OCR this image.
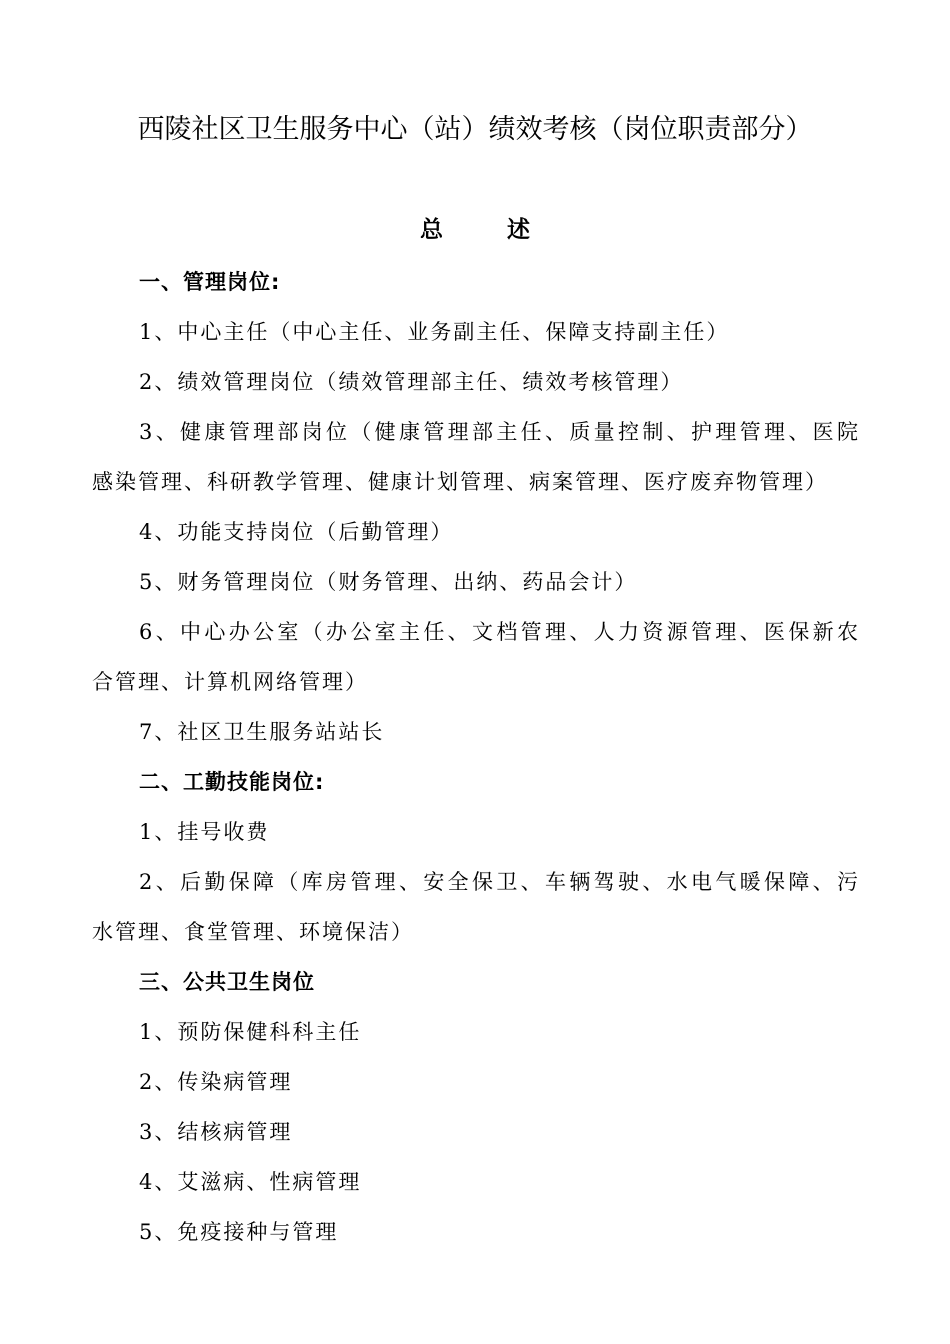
西陵社区卫生服务中心（站）绩效考核（岗位职责部分）
总        述
一、管理岗位:
1、中心主任（中心主任、业务副主任、保障支持副主任）
2、绩效管理岗位（绩效管理部主任、绩效考核管理）
3、健康管理部岗位（健康管理部主任、质量控制、护理管理、医院
感染管理、科研教学管理、健康计划管理、病案管理、医疗废弃物管理）
4、功能支持岗位（后勤管理）
5、财务管理岗位（财务管理、出纳、药品会计）
6、中心办公室（办公室主任、文档管理、人力资源管理、医保新农
合管理、计算机网络管理）
7、社区卫生服务站站长
二、工勤技能岗位:
1、挂号收费
2、后勤保障（库房管理、安全保卫、车辆驾驶、水电气暖保障、污
水管理、食堂管理、环境保洁）
三、公共卫生岗位
1、预防保健科科主任
2、传染病管理
3、结核病管理
4、艾滋病、性病管理
5、免疫接种与管理
